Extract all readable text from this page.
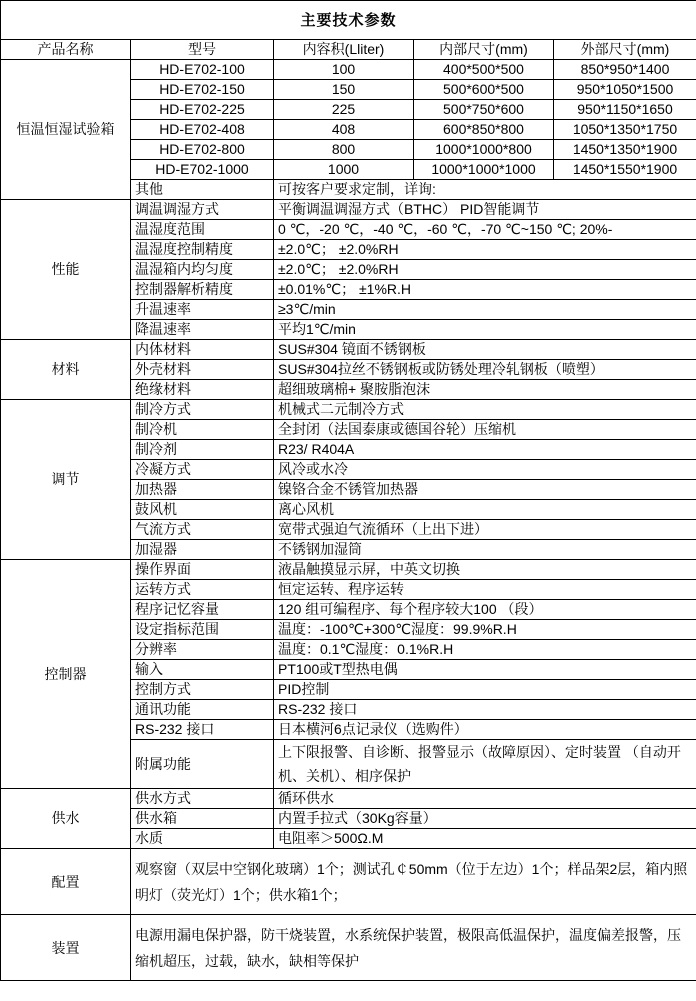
主要技术参数				
产品名称	型号	内容积(Lliter)	内部尺寸(mm)	外部尺寸(mm)
恒温恒湿试验箱	HD-E702-100	100	400*500*500	850*950*1400
	HD-E702-150	150	500*600*500	950*1050*1500
	HD-E702-225	225	500*750*600	950*1150*1650
	HD-E702-408	408	600*850*800	1050*1350*1750
	HD-E702-800	800	1000*1000*800	1450*1350*1900
	HD-E702-1000	1000	1000*1000*1000	1450*1550*1900
	其他	可按客户要求定制，详询:		
性能	调温调湿方式	平衡调温调湿方式（BTHC） PID智能调节		
	温湿度范围	0 ℃，-20 ℃，-40 ℃，-60 ℃，-70 ℃~150 ℃; 20%-		
	温湿度控制精度	±2.0℃； ±2.0%RH		
	温湿箱内均匀度	±2.0℃； ±2.0%RH		
	控制器解析精度	±0.01%℃； ±1%R.H		
	升温速率	≥3℃/min		
	降温速率	平均1℃/min		
材料	内体材料	SUS#304 镜面不锈钢板		
	外壳材料	SUS#304拉丝不锈钢板或防锈处理冷轧钢板（喷塑）		
	绝缘材料	超细玻璃棉+ 聚胺脂泡沫		
调节	制冷方式	机械式二元制冷方式		
	制冷机	全封闭（法国泰康或德国谷轮）压缩机		
	制冷剂	R23/ R404A		
	冷凝方式	风冷或水冷		
	加热器	镍铬合金不锈管加热器		
	鼓风机	离心风机		
	气流方式	宽带式强迫气流循环（上出下进）		
	加湿器	不锈钢加湿筒		
控制器	操作界面	液晶触摸显示屏，中英文切换		
	运转方式	恒定运转、程序运转		
	程序记忆容量	120 组可编程序、每个程序较大100 （段）		
	设定指标范围	温度：-100℃+300℃湿度：99.9%R.H		
	分辨率	温度：0.1℃湿度：0.1%R.H		
	输入	PT100或T型热电偶		
	控制方式	PID控制		
	通讯功能	RS-232 接口		
	RS-232 接口	日本横河6点记录仪（选购件）		
	附属功能	上下限报警、自诊断、报警显示（故障原因）、定时装置 （自动开机、关机）、相序保护		
供水	供水方式	循环供水		
	供水箱	内置手拉式（30Kg容量）		
	水质	电阻率＞500Ω.M		
配置	观察窗（双层中空钢化玻璃）1个；测试孔￠50mm（位于左边）1个；样品架2层，箱内照明灯（荧光灯）1个；供水箱1个；			
装置	电源用漏电保护器，防干烧装置，水系统保护装置，极限高低温保护，温度偏差报警，压缩机超压，过载，缺水，缺相等保护			
